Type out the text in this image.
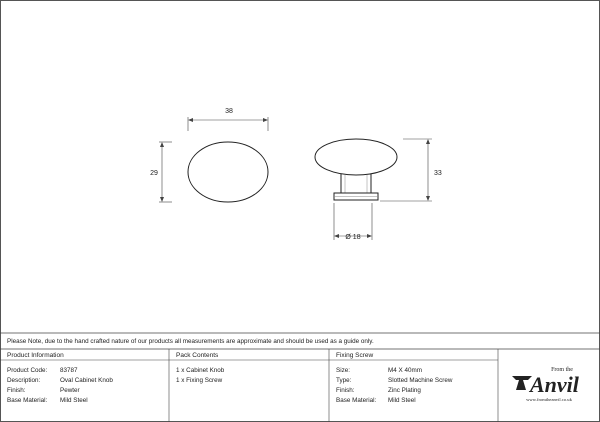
38
29	33
Ø 18
Please Note, due to the hand crafted nature of our products all measurements are approximate and should be used as a guide only.
Product Information
Product Code: 83787
Description:	Oval Cabinet Knob
Finish:	Pewter
Base Material: Mild Steel
Pack Contents
1 x Cabinet Knob
1 x Fixing Screw
Fixing Screw
Size:	M4 X 40mm
Type:	Slotted Machine Screw
Finish:	Zinc Plating
Base Material: Mild Steel
From the
Anvil
www.fromtheanvil.co.uk
